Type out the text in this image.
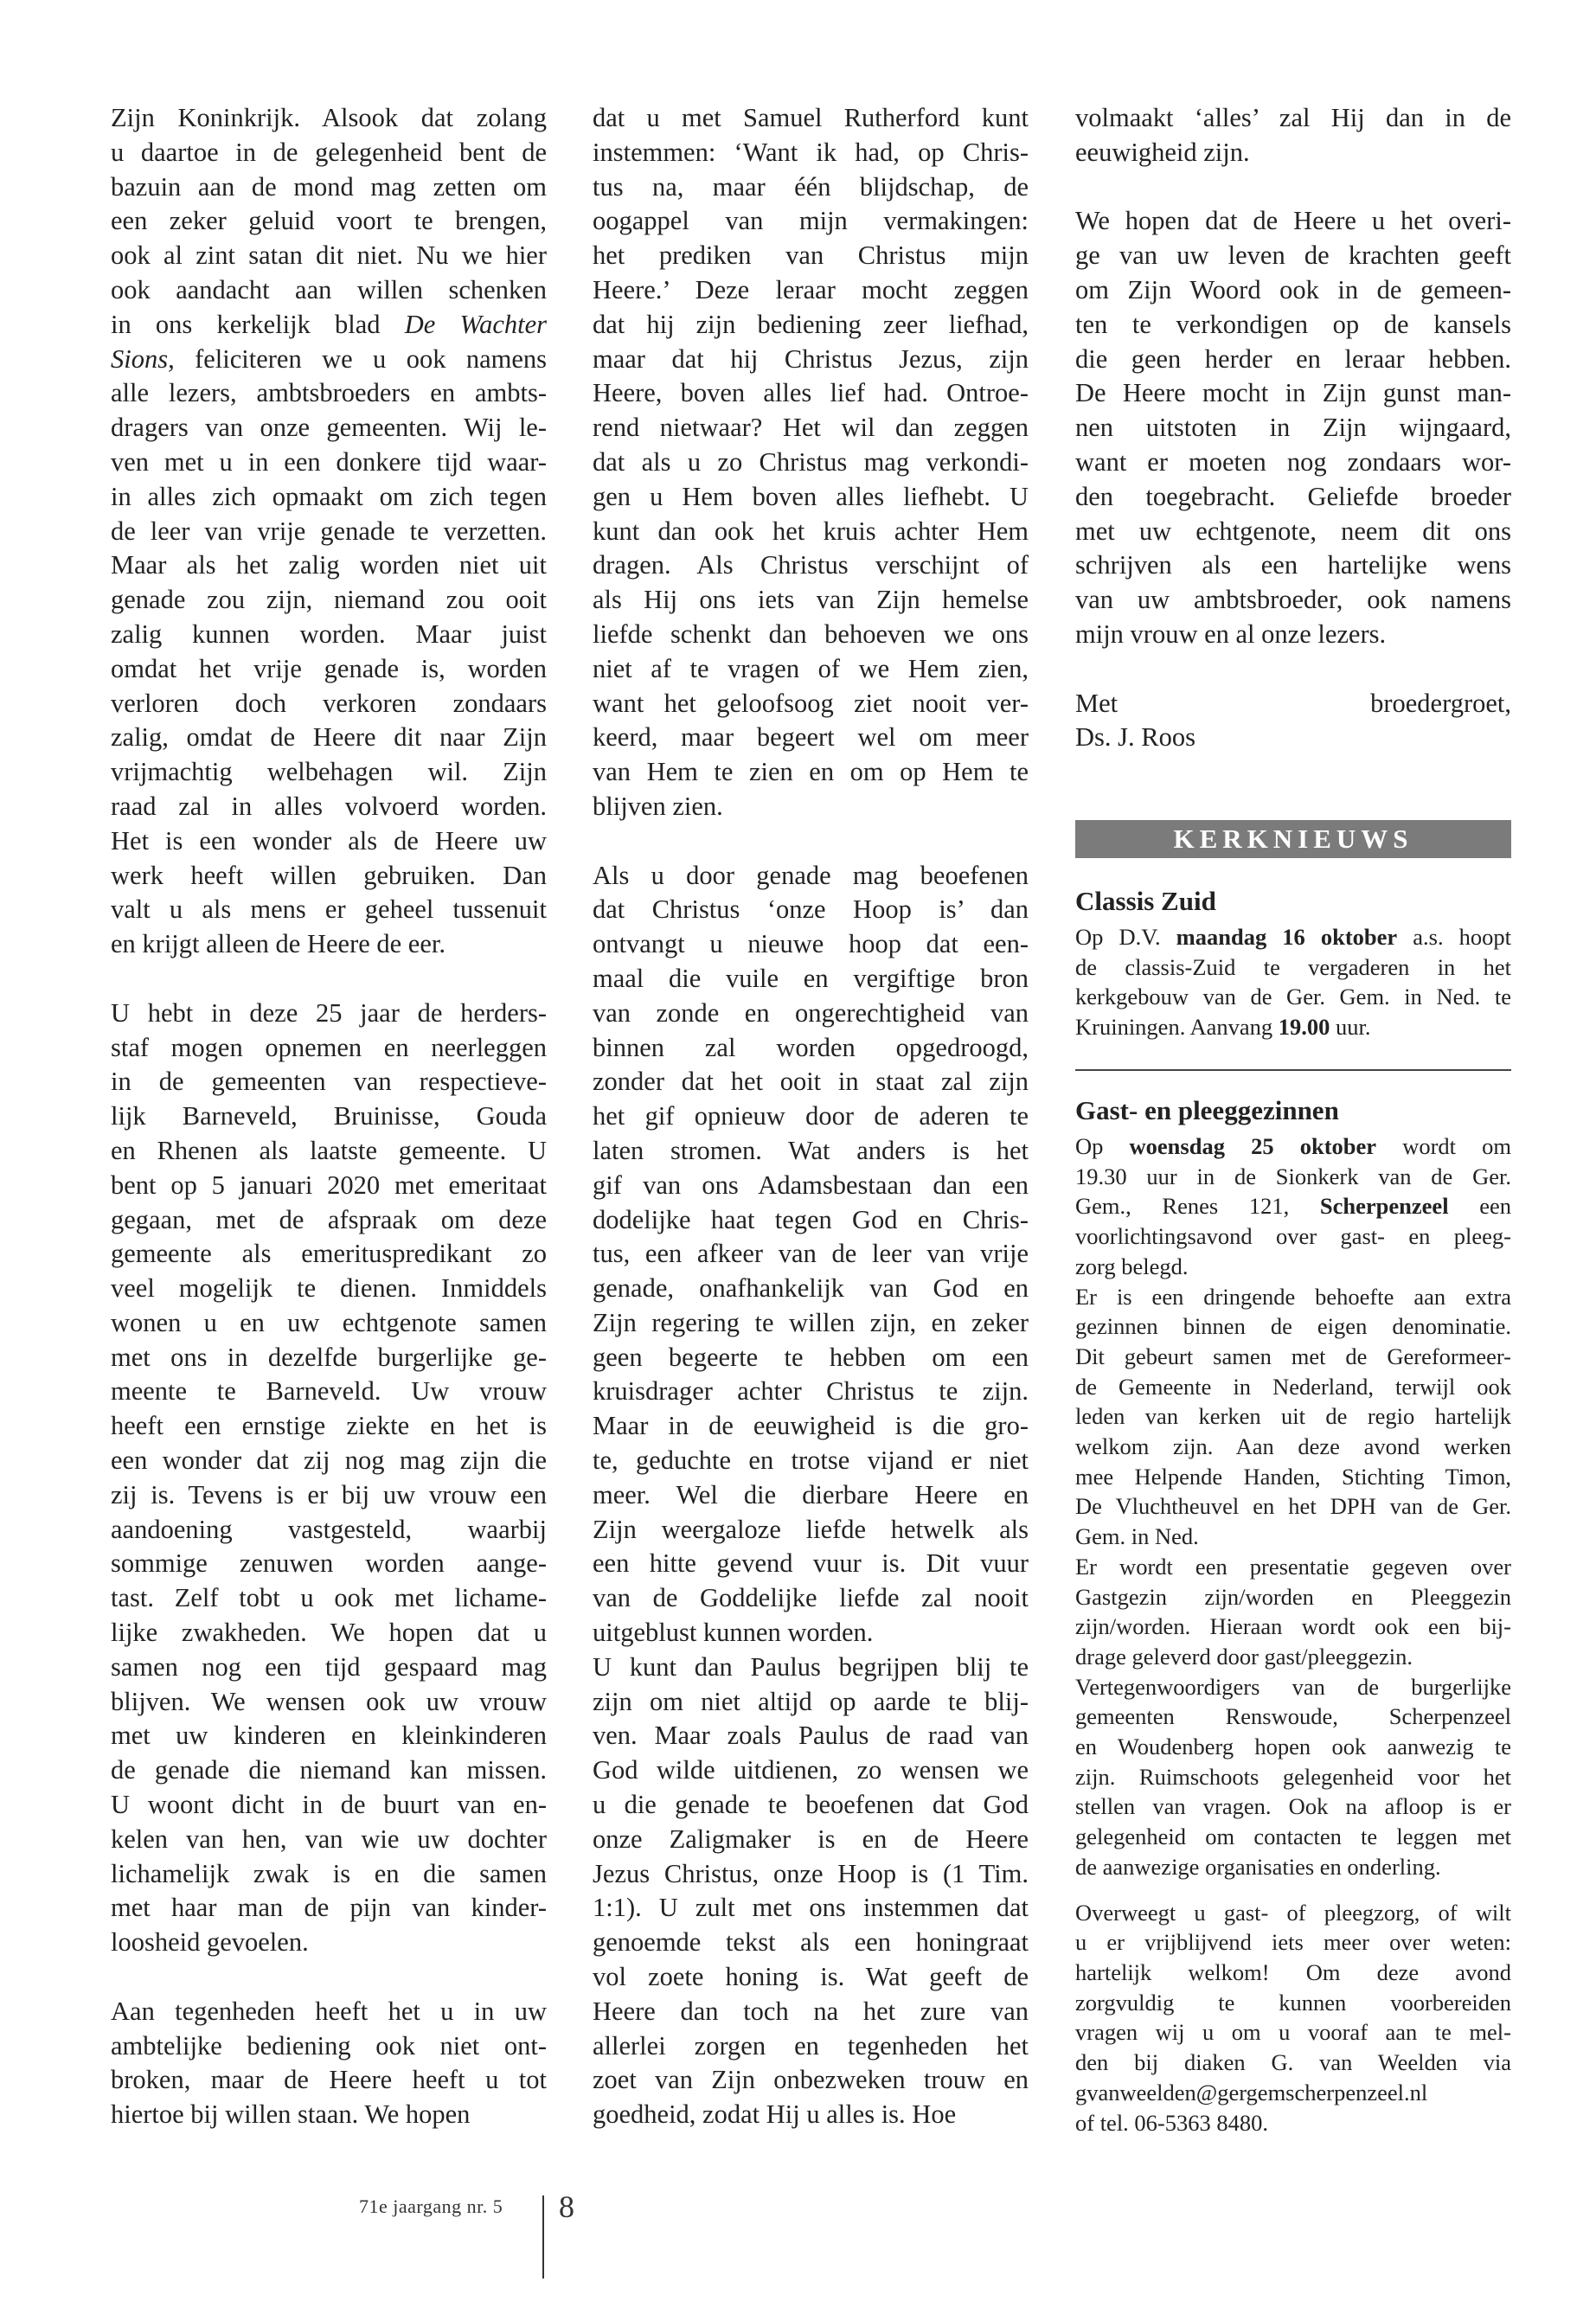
Zijn Koninkrijk. Alsook dat zolang
u daartoe in de gelegenheid bent de
bazuin aan de mond mag zetten om
een zeker geluid voort te brengen,
ook al zint satan dit niet. Nu we hier
ook aandacht aan willen schenken
in ons kerkelijk blad De Wachter
Sions, feliciteren we u ook namens
alle lezers, ambtsbroeders en ambts-
dragers van onze gemeenten. Wij le-
ven met u in een donkere tijd waar-
in alles zich opmaakt om zich tegen
de leer van vrije genade te verzetten.
Maar als het zalig worden niet uit
genade zou zijn, niemand zou ooit
zalig kunnen worden. Maar juist
omdat het vrije genade is, worden
verloren doch verkoren zondaars
zalig, omdat de Heere dit naar Zijn
vrijmachtig welbehagen wil. Zijn
raad zal in alles volvoerd worden.
Het is een wonder als de Heere uw
werk heeft willen gebruiken. Dan
valt u als mens er geheel tussenuit
en krijgt alleen de Heere de eer.
U hebt in deze 25 jaar de herders-
staf mogen opnemen en neerleggen
in de gemeenten van respectieve-
lijk Barneveld, Bruinisse, Gouda
en Rhenen als laatste gemeente. U
bent op 5 januari 2020 met emeritaat
gegaan, met de afspraak om deze
gemeente als emerituspredikant zo
veel mogelijk te dienen. Inmiddels
wonen u en uw echtgenote samen
met ons in dezelfde burgerlijke ge-
meente te Barneveld. Uw vrouw
heeft een ernstige ziekte en het is
een wonder dat zij nog mag zijn die
zij is. Tevens is er bij uw vrouw een
aandoening vastgesteld, waarbij
sommige zenuwen worden aange-
tast. Zelf tobt u ook met lichame-
lijke zwakheden. We hopen dat u
samen nog een tijd gespaard mag
blijven. We wensen ook uw vrouw
met uw kinderen en kleinkinderen
de genade die niemand kan missen.
U woont dicht in de buurt van en-
kelen van hen, van wie uw dochter
lichamelijk zwak is en die samen
met haar man de pijn van kinder-
loosheid gevoelen.
Aan tegenheden heeft het u in uw
ambtelijke bediening ook niet ont-
broken, maar de Heere heeft u tot
hiertoe bij willen staan. We hopen
dat u met Samuel Rutherford kunt
instemmen: ‘Want ik had, op Chris-
tus na, maar één blijdschap, de
oogappel van mijn vermakingen:
het prediken van Christus mijn
Heere.’ Deze leraar mocht zeggen
dat hij zijn bediening zeer liefhad,
maar dat hij Christus Jezus, zijn
Heere, boven alles lief had. Ontroe-
rend nietwaar? Het wil dan zeggen
dat als u zo Christus mag verkondi-
gen u Hem boven alles liefhebt. U
kunt dan ook het kruis achter Hem
dragen. Als Christus verschijnt of
als Hij ons iets van Zijn hemelse
liefde schenkt dan behoeven we ons
niet af te vragen of we Hem zien,
want het geloofsoog ziet nooit ver-
keerd, maar begeert wel om meer
van Hem te zien en om op Hem te
blijven zien.
Als u door genade mag beoefenen
dat Christus ‘onze Hoop is’ dan
ontvangt u nieuwe hoop dat een-
maal die vuile en vergiftige bron
van zonde en ongerechtigheid van
binnen zal worden opgedroogd,
zonder dat het ooit in staat zal zijn
het gif opnieuw door de aderen te
laten stromen. Wat anders is het
gif van ons Adamsbestaan dan een
dodelijke haat tegen God en Chris-
tus, een afkeer van de leer van vrije
genade, onafhankelijk van God en
Zijn regering te willen zijn, en zeker
geen begeerte te hebben om een
kruisdrager achter Christus te zijn.
Maar in de eeuwigheid is die gro-
te, geduchte en trotse vijand er niet
meer. Wel die dierbare Heere en
Zijn weergaloze liefde hetwelk als
een hitte gevend vuur is. Dit vuur
van de Goddelijke liefde zal nooit
uitgeblust kunnen worden.
U kunt dan Paulus begrijpen blij te
zijn om niet altijd op aarde te blij-
ven. Maar zoals Paulus de raad van
God wilde uitdienen, zo wensen we
u die genade te beoefenen dat God
onze Zaligmaker is en de Heere
Jezus Christus, onze Hoop is (1 Tim.
1:1). U zult met ons instemmen dat
genoemde tekst als een honingraat
vol zoete honing is. Wat geeft de
Heere dan toch na het zure van
allerlei zorgen en tegenheden het
zoet van Zijn onbezweken trouw en
goedheid, zodat Hij u alles is. Hoe
volmaakt ‘alles’ zal Hij dan in de
eeuwigheid zijn.
We hopen dat de Heere u het overi-
ge van uw leven de krachten geeft
om Zijn Woord ook in de gemeen-
ten te verkondigen op de kansels
die geen herder en leraar hebben.
De Heere mocht in Zijn gunst man-
nen uitstoten in Zijn wijngaard,
want er moeten nog zondaars wor-
den toegebracht. Geliefde broeder
met uw echtgenote, neem dit ons
schrijven als een hartelijke wens
van uw ambtsbroeder, ook namens
mijn vrouw en al onze lezers.
Met broedergroet,
Ds. J. Roos
KERKNIEUWS
Classis Zuid
Op D.V. maandag 16 oktober a.s. hoopt
de classis-Zuid te vergaderen in het
kerkgebouw van de Ger. Gem. in Ned. te
Kruiningen. Aanvang 19.00 uur.
Gast- en pleeggezinnen
Op woensdag 25 oktober wordt om
19.30 uur in de Sionkerk van de Ger.
Gem., Renes 121, Scherpenzeel een
voorlichtingsavond over gast- en pleeg-
zorg belegd.
Er is een dringende behoefte aan extra
gezinnen binnen de eigen denominatie.
Dit gebeurt samen met de Gereformeer-
de Gemeente in Nederland, terwijl ook
leden van kerken uit de regio hartelijk
welkom zijn. Aan deze avond werken
mee Helpende Handen, Stichting Timon,
De Vluchtheuvel en het DPH van de Ger.
Gem. in Ned.
Er wordt een presentatie gegeven over
Gastgezin zijn/worden en Pleeggezin
zijn/worden. Hieraan wordt ook een bij-
drage geleverd door gast/pleeggezin.
Vertegenwoordigers van de burgerlijke
gemeenten Renswoude, Scherpenzeel
en Woudenberg hopen ook aanwezig te
zijn. Ruimschoots gelegenheid voor het
stellen van vragen. Ook na afloop is er
gelegenheid om contacten te leggen met
de aanwezige organisaties en onderling.
Overweegt u gast- of pleegzorg, of wilt
u er vrijblijvend iets meer over weten:
hartelijk welkom! Om deze avond
zorgvuldig te kunnen voorbereiden
vragen wij u om u vooraf aan te mel-
den bij diaken G. van Weelden via
gvanweelden@gergemscherpenzeel.nl
of tel. 06-5363 8480.
71e jaargang nr. 5 8
